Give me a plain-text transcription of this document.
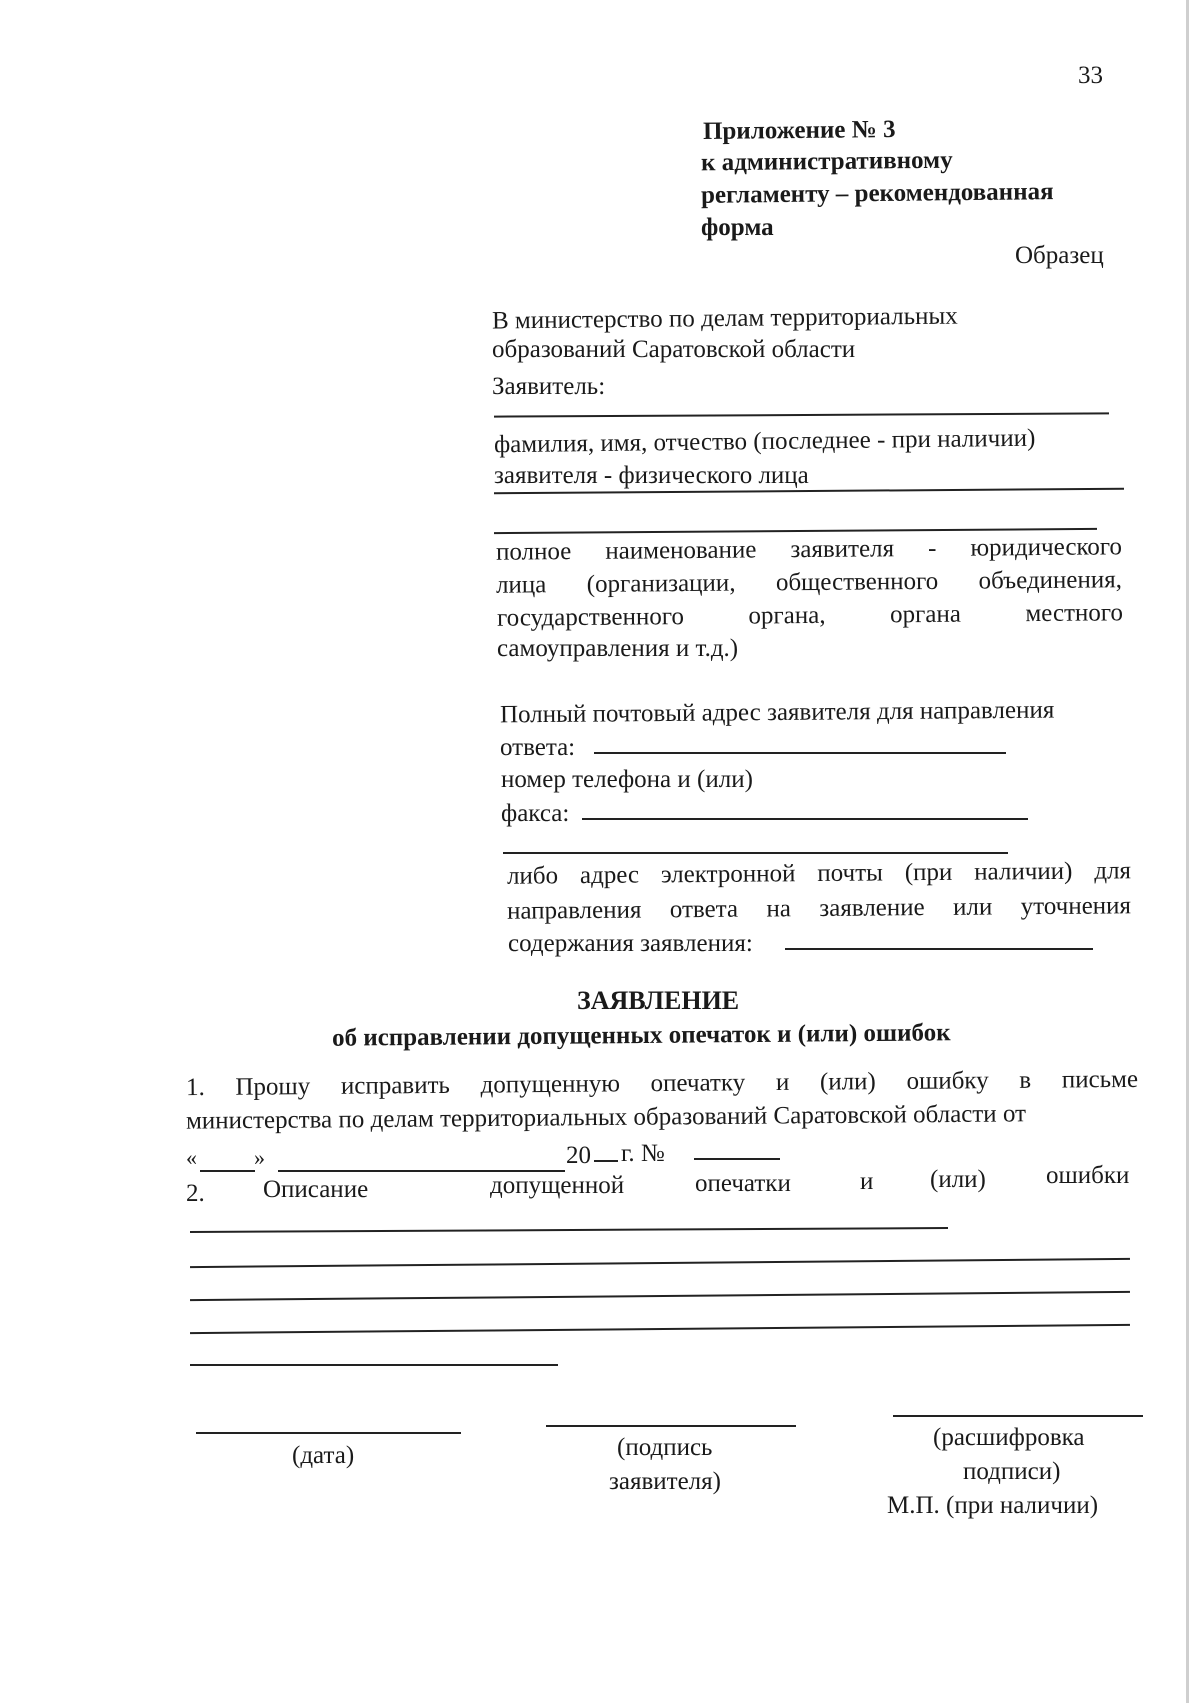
33
Приложение № 3
к административному
регламенту – рекомендованная
форма
Образец
В министерство по делам территориальных
образований Саратовской области
Заявитель:
фамилия, имя, отчество (последнее - при наличии)
заявителя - физического лица
полное наименование заявителя - юридического
лица (организации, общественного объединения,
государственного органа, органа местного
самоуправления и т.д.)
Полный почтовый адрес заявителя для направления
ответа:
номер телефона и (или)
факса:
либо адрес электронной почты (при наличии) для
направления ответа на заявление или уточнения
содержания заявления:
ЗАЯВЛЕНИЕ
об исправлении допущенных опечаток и (или) ошибок
1. Прошу исправить допущенную опечатку и (или) ошибку в письме
министерства по делам территориальных образований Саратовской области от
«	»	20 г. №
2. Описание	допущенной	опечатки	и (или) ошибки
(дата)	(подпись
заявителя)
(расшифровка
подписи)
М.П. (при наличии)
